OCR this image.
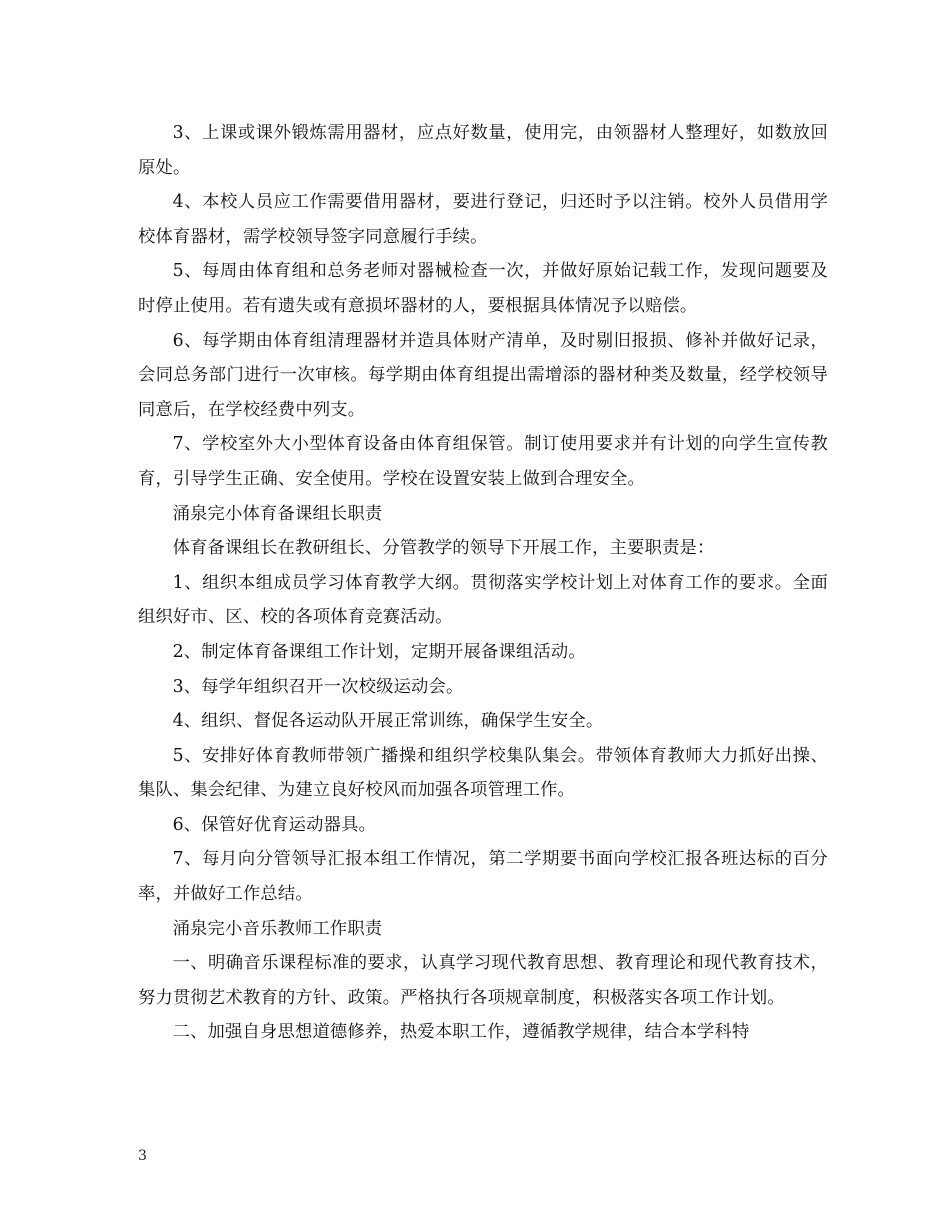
3、上课或课外锻炼需用器材，应点好数量，使用完，由领器材人整理好，如数放回原处。

4、本校人员应工作需要借用器材，要进行登记，归还时予以注销。校外人员借用学校体育器材，需学校领导签字同意履行手续。

5、每周由体育组和总务老师对器械检查一次，并做好原始记载工作，发现问题要及时停止使用。若有遗失或有意损坏器材的人，要根据具体情况予以赔偿。

6、每学期由体育组清理器材并造具体财产清单，及时剔旧报损、修补并做好记录，会同总务部门进行一次审核。每学期由体育组提出需增添的器材种类及数量，经学校领导同意后，在学校经费中列支。

7、学校室外大小型体育设备由体育组保管。制订使用要求并有计划的向学生宣传教育，引导学生正确、安全使用。学校在设置安装上做到合理安全。

涌泉完小体育备课组长职责

体育备课组长在教研组长、分管教学的领导下开展工作，主要职责是：

1、组织本组成员学习体育教学大纲。贯彻落实学校计划上对体育工作的要求。全面组织好市、区、校的各项体育竞赛活动。

2、制定体育备课组工作计划，定期开展备课组活动。

3、每学年组织召开一次校级运动会。

4、组织、督促各运动队开展正常训练，确保学生安全。

5、安排好体育教师带领广播操和组织学校集队集会。带领体育教师大力抓好出操、集队、集会纪律、为建立良好校风而加强各项管理工作。

6、保管好优育运动器具。

7、每月向分管领导汇报本组工作情况，第二学期要书面向学校汇报各班达标的百分率，并做好工作总结。

涌泉完小音乐教师工作职责

一、明确音乐课程标准的要求，认真学习现代教育思想、教育理论和现代教育技术，努力贯彻艺术教育的方针、政策。严格执行各项规章制度，积极落实各项工作计划。

二、加强自身思想道德修养，热爱本职工作，遵循教学规律，结合本学科特

3
